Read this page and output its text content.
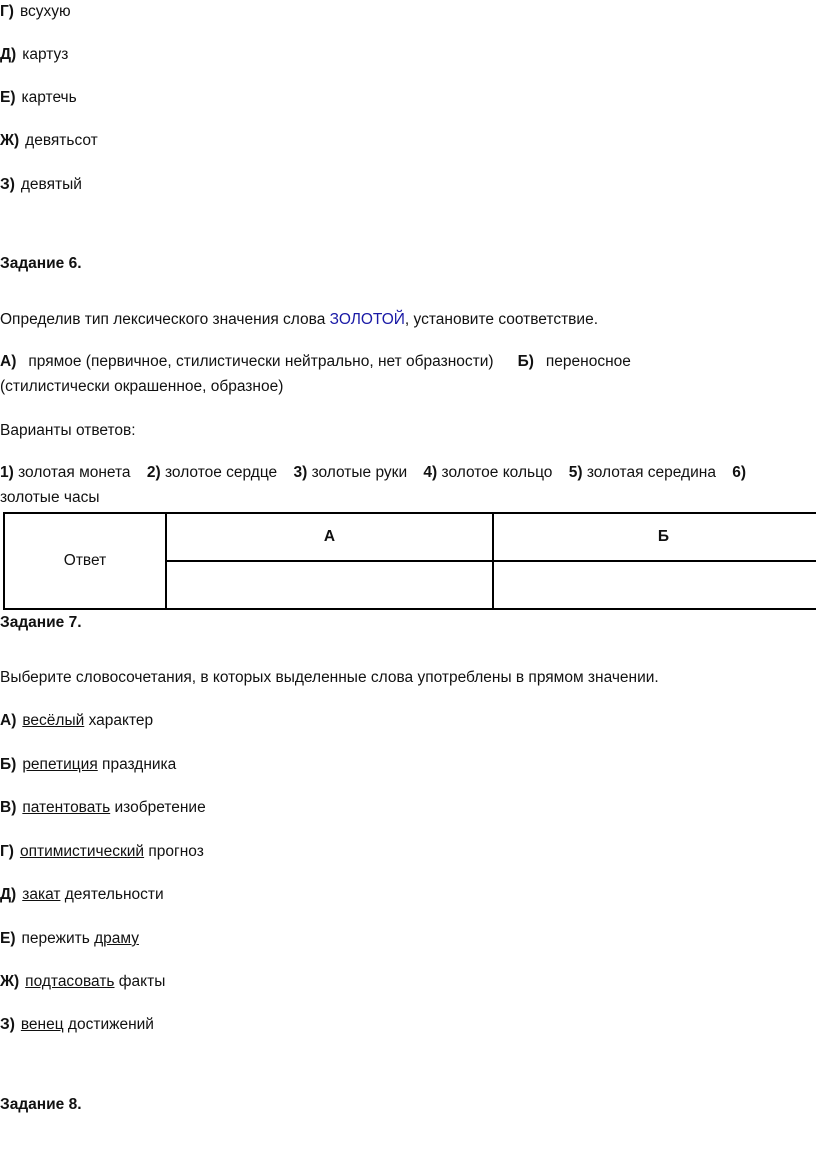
Г) всухую
Д) картуз
Е) картечь
Ж) девятьсот
З) девятый
Задание 6.
Определив тип лексического значения слова ЗОЛОТОЙ, установите соответствие.
А) прямое (первичное, стилистически нейтрально, нет образности) Б) переносное
(стилистически окрашенное, образное)
Варианты ответов:
1) золотая монета 2) золотое сердце 3) золотые руки 4) золотое кольцо 5) золотая середина 6)
золотые часы
Ответ	А	Б

Задание 7.
Выберите словосочетания, в которых выделенные слова употреблены в прямом значении.
А) весёлый характер
Б) репетиция праздника
В) патентовать изобретение
Г) оптимистический прогноз
Д) закат деятельности
Е) пережить драму
Ж) подтасовать факты
З) венец достижений
Задание 8.
